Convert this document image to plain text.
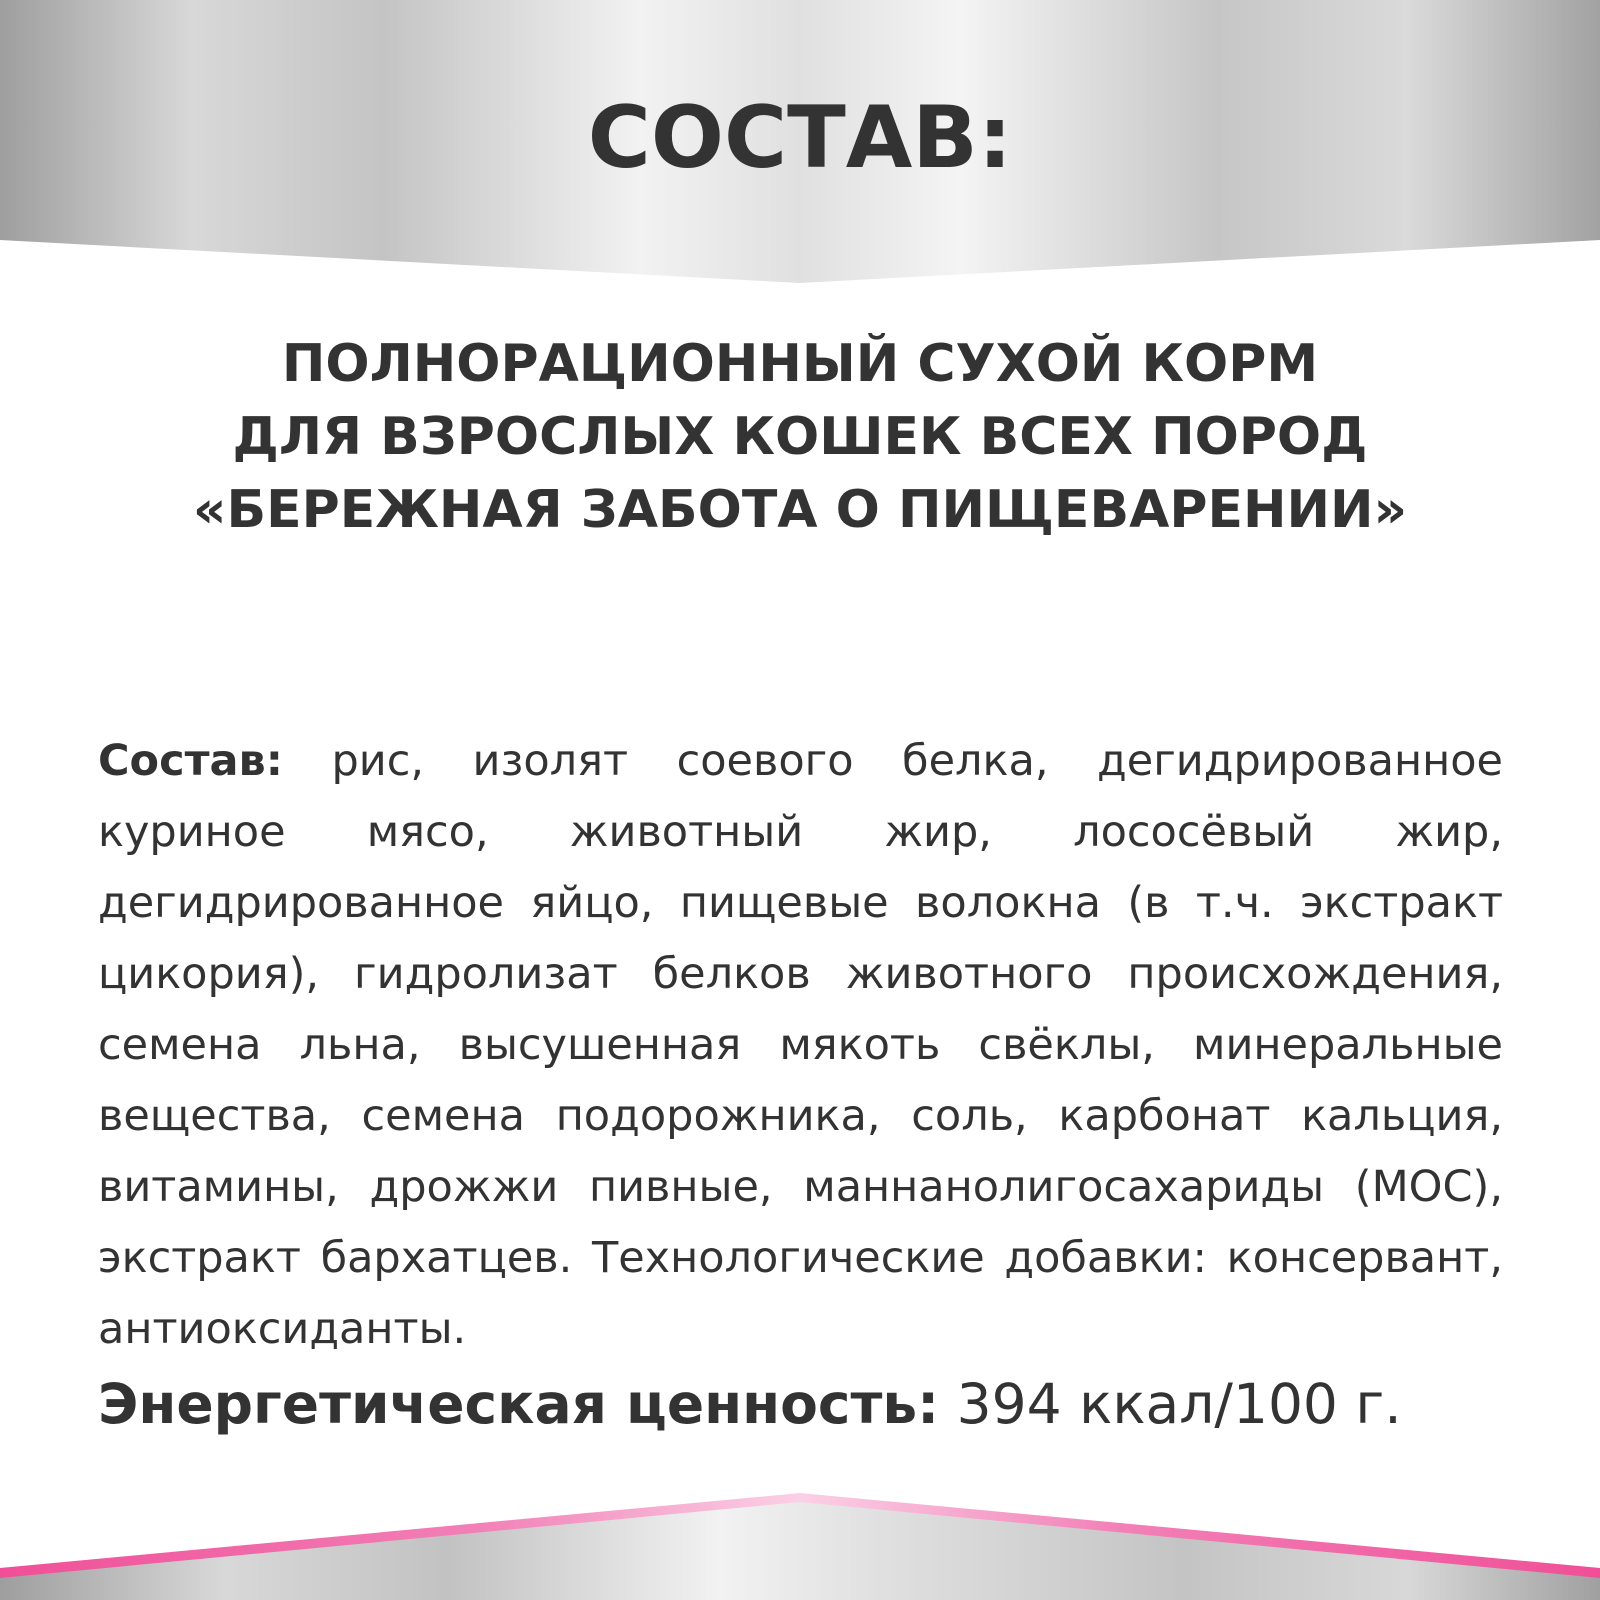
СОСТАВ:
ПОЛНОРАЦИОННЫЙ СУХОЙ КОРМ
ДЛЯ ВЗРОСЛЫХ КОШЕК ВСЕХ ПОРОД
«БЕРЕЖНАЯ ЗАБОТА О ПИЩЕВАРЕНИИ»

Состав: рис, изолят соевого белка, дегидрированное куриное мясо, животный жир, лососёвый жир, дегидрированное яйцо, пищевые волокна (в т.ч. экстракт цикория), гидролизат белков животного происхождения, семена льна, высушенная мякоть свёклы, минеральные вещества, семена подорожника, соль, карбонат кальция, витамины, дрожжи пивные, маннанолигосахариды (МОС), экстракт бархатцев. Технологические добавки: консервант, антиоксиданты.

Энергетическая ценность: 394 ккал/100 г.
